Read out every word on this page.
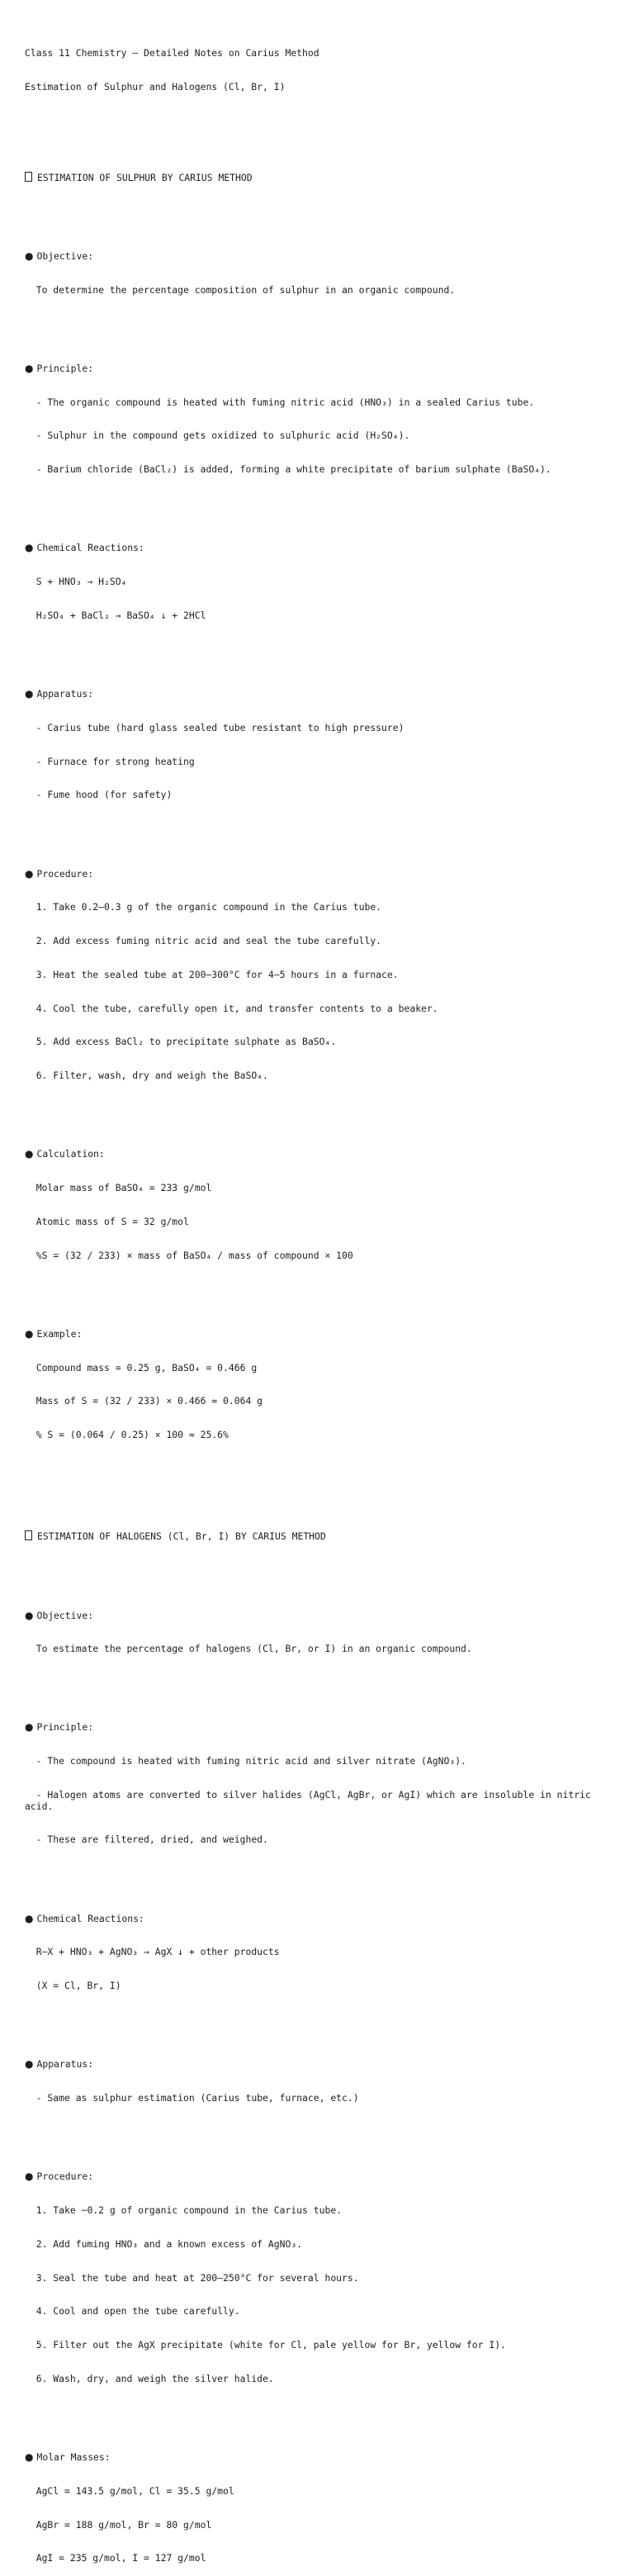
Class 11 Chemistry – Detailed Notes on Carius Method

Estimation of Sulphur and Halogens (Cl, Br, I)

ESTIMATION OF SULPHUR BY CARIUS METHOD

● Objective:

To determine the percentage composition of sulphur in an organic compound.

● Principle:

- The organic compound is heated with fuming nitric acid (HNO₃) in a sealed Carius tube.

- Sulphur in the compound gets oxidized to sulphuric acid (H₂SO₄).

- Barium chloride (BaCl₂) is added, forming a white precipitate of barium sulphate (BaSO₄).

● Chemical Reactions:

S + HNO₃ → H₂SO₄

H₂SO₄ + BaCl₂ → BaSO₄ ↓ + 2HCl

● Apparatus:

- Carius tube (hard glass sealed tube resistant to high pressure)

- Furnace for strong heating

- Fume hood (for safety)

● Procedure:

1. Take 0.2–0.3 g of the organic compound in the Carius tube.

2. Add excess fuming nitric acid and seal the tube carefully.

3. Heat the sealed tube at 200–300°C for 4–5 hours in a furnace.

4. Cool the tube, carefully open it, and transfer contents to a beaker.

5. Add excess BaCl₂ to precipitate sulphate as BaSO₄.

6. Filter, wash, dry and weigh the BaSO₄.

● Calculation:

Molar mass of BaSO₄ = 233 g/mol

Atomic mass of S = 32 g/mol

%S = (32 / 233) × mass of BaSO₄ / mass of compound × 100

● Example:

Compound mass = 0.25 g, BaSO₄ = 0.466 g

Mass of S = (32 / 233) × 0.466 ≈ 0.064 g

% S = (0.064 / 0.25) × 100 ≈ 25.6%

ESTIMATION OF HALOGENS (Cl, Br, I) BY CARIUS METHOD

● Objective:

To estimate the percentage of halogens (Cl, Br, or I) in an organic compound.

● Principle:

- The compound is heated with fuming nitric acid and silver nitrate (AgNO₃).

- Halogen atoms are converted to silver halides (AgCl, AgBr, or AgI) which are insoluble in nitric acid.

- These are filtered, dried, and weighed.

● Chemical Reactions:

R–X + HNO₃ + AgNO₃ → AgX ↓ + other products

(X = Cl, Br, I)

● Apparatus:

- Same as sulphur estimation (Carius tube, furnace, etc.)

● Procedure:

1. Take ~0.2 g of organic compound in the Carius tube.

2. Add fuming HNO₃ and a known excess of AgNO₃.

3. Seal the tube and heat at 200–250°C for several hours.

4. Cool and open the tube carefully.

5. Filter out the AgX precipitate (white for Cl, pale yellow for Br, yellow for I).

6. Wash, dry, and weigh the silver halide.

● Molar Masses:

AgCl = 143.5 g/mol, Cl = 35.5 g/mol

AgBr = 188 g/mol, Br = 80 g/mol

AgI = 235 g/mol, I = 127 g/mol
